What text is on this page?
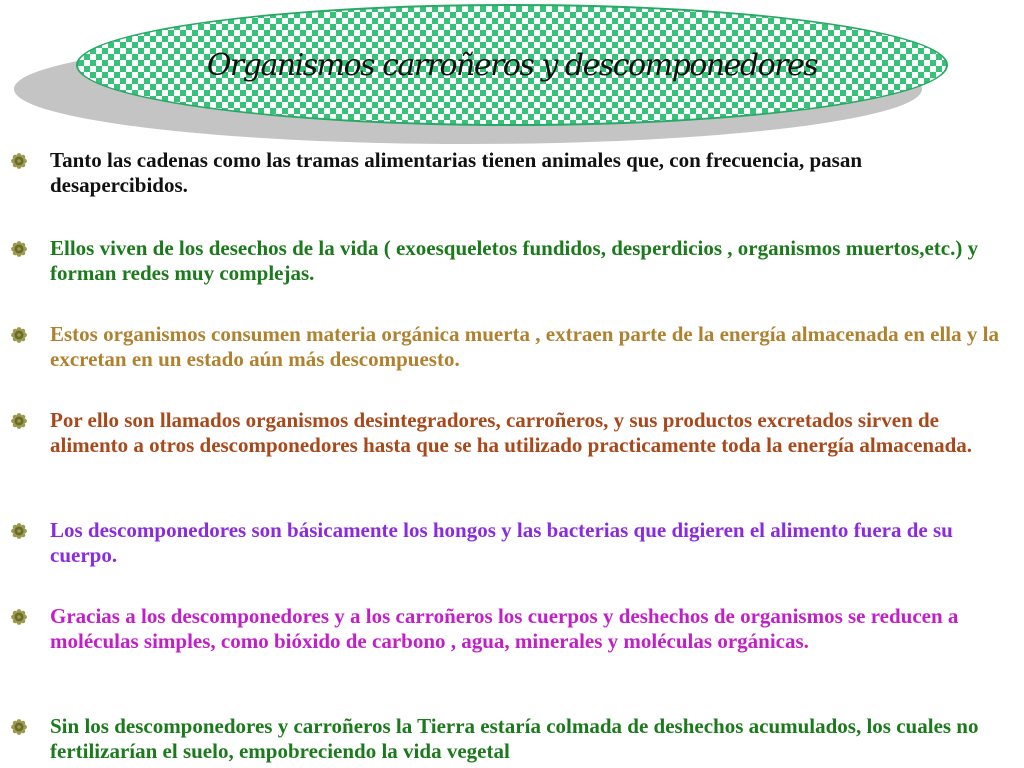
Organismos carroñeros y descomponedores
Tanto las cadenas como las tramas alimentarias tienen animales que, con frecuencia, pasan desapercibidos.
Ellos viven de los desechos de la vida ( exoesqueletos fundidos, desperdicios , organismos muertos,etc.) y forman redes muy complejas.
Estos organismos consumen materia orgánica muerta , extraen parte de la energía almacenada en ella y la excretan en un estado aún más descompuesto.
Por ello son llamados organismos desintegradores, carroñeros, y sus productos excretados sirven de alimento a otros descomponedores hasta que se ha utilizado practicamente toda la energía almacenada.
Los descomponedores son básicamente los hongos y las bacterias que digieren el alimento fuera de su cuerpo.
Gracias a los descomponedores y a los carroñeros los cuerpos y deshechos de organismos se reducen a moléculas simples, como bióxido de carbono , agua, minerales y moléculas orgánicas.
Sin los descomponedores y carroñeros la Tierra estaría colmada de deshechos acumulados, los cuales no fertilizarían el suelo, empobreciendo la vida vegetal
